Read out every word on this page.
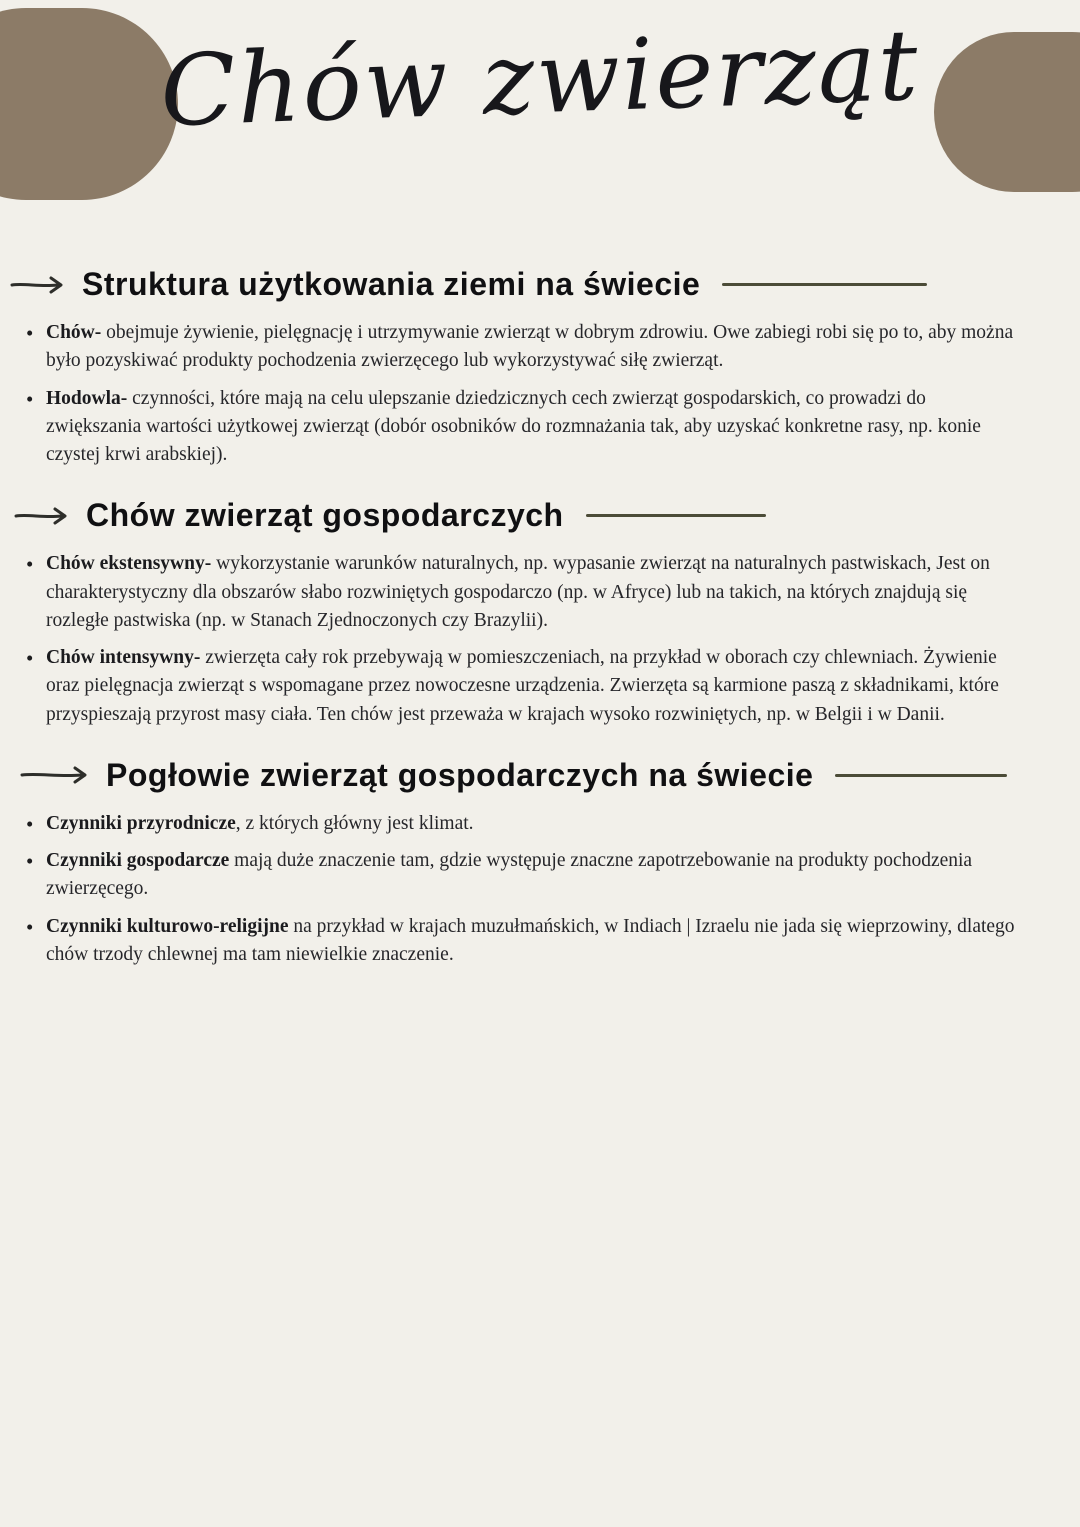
Chów zwierząt
Struktura użytkowania ziemi na świecie
• Chów- obejmuje żywienie, pielęgnację i utrzymywanie zwierząt w dobrym zdrowiu. Owe zabiegi robi się po to, aby można było pozyskiwać produkty pochodzenia zwierzęcego lub wykorzystywać siłę zwierząt.
• Hodowla- czynności, które mają na celu ulepszanie dziedzicznych cech zwierząt gospodarskich, co prowadzi do zwiększania wartości użytkowej zwierząt (dobór osobników do rozmnażania tak, aby uzyskać konkretne rasy, np. konie czystej krwi arabskiej).
Chów zwierząt gospodarczych
• Chów ekstensywny- wykorzystanie warunków naturalnych, np. wypasanie zwierząt na naturalnych pastwiskach, Jest on charakterystyczny dla obszarów słabo rozwiniętych gospodarczo (np. w Afryce) lub na takich, na których znajdują się rozległe pastwiska (np. w Stanach Zjednoczonych czy Brazylii).
• Chów intensywny- zwierzęta cały rok przebywają w pomieszczeniach, na przykład w oborach czy chlewniach. Żywienie oraz pielęgnacja zwierząt s wspomagane przez nowoczesne urządzenia. Zwierzęta są karmione paszą z składnikami, które przyspieszają przyrost masy ciała. Ten chów jest przeważa w krajach wysoko rozwiniętych, np. w Belgii i w Danii.
Pogłowie zwierząt gospodarczych na świecie
• Czynniki przyrodnicze, z których główny jest klimat.
• Czynniki gospodarcze mają duże znaczenie tam, gdzie występuje znaczne zapotrzebowanie na produkty pochodzenia zwierzęcego.
• Czynniki kulturowo-religijne na przykład w krajach muzułmańskich, w Indiach | Izraelu nie jada się wieprzowiny, dlatego chów trzody chlewnej ma tam niewielkie znaczenie.
